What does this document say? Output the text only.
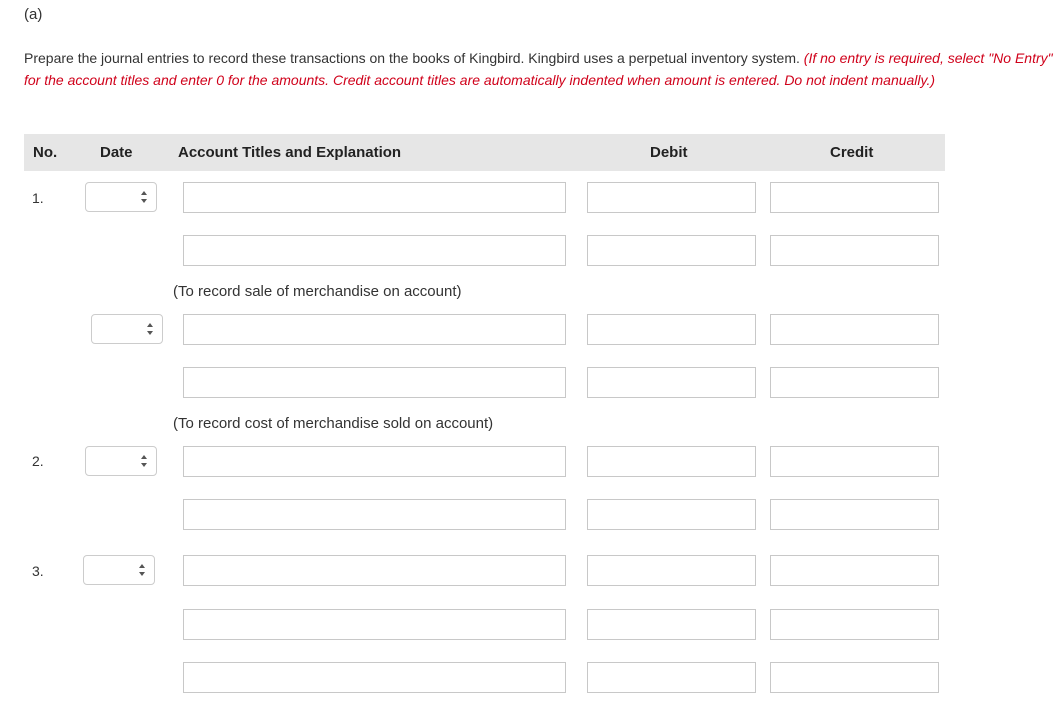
(a)
Prepare the journal entries to record these transactions on the books of Kingbird. Kingbird uses a perpetual inventory system. (If no entry is required, select "No Entry" for the account titles and enter 0 for the amounts. Credit account titles are automatically indented when amount is entered. Do not indent manually.)
No.	Date	Account Titles and Explanation	Debit	Credit
1.
(To record sale of merchandise on account)
(To record cost of merchandise sold on account)
2.
3.
